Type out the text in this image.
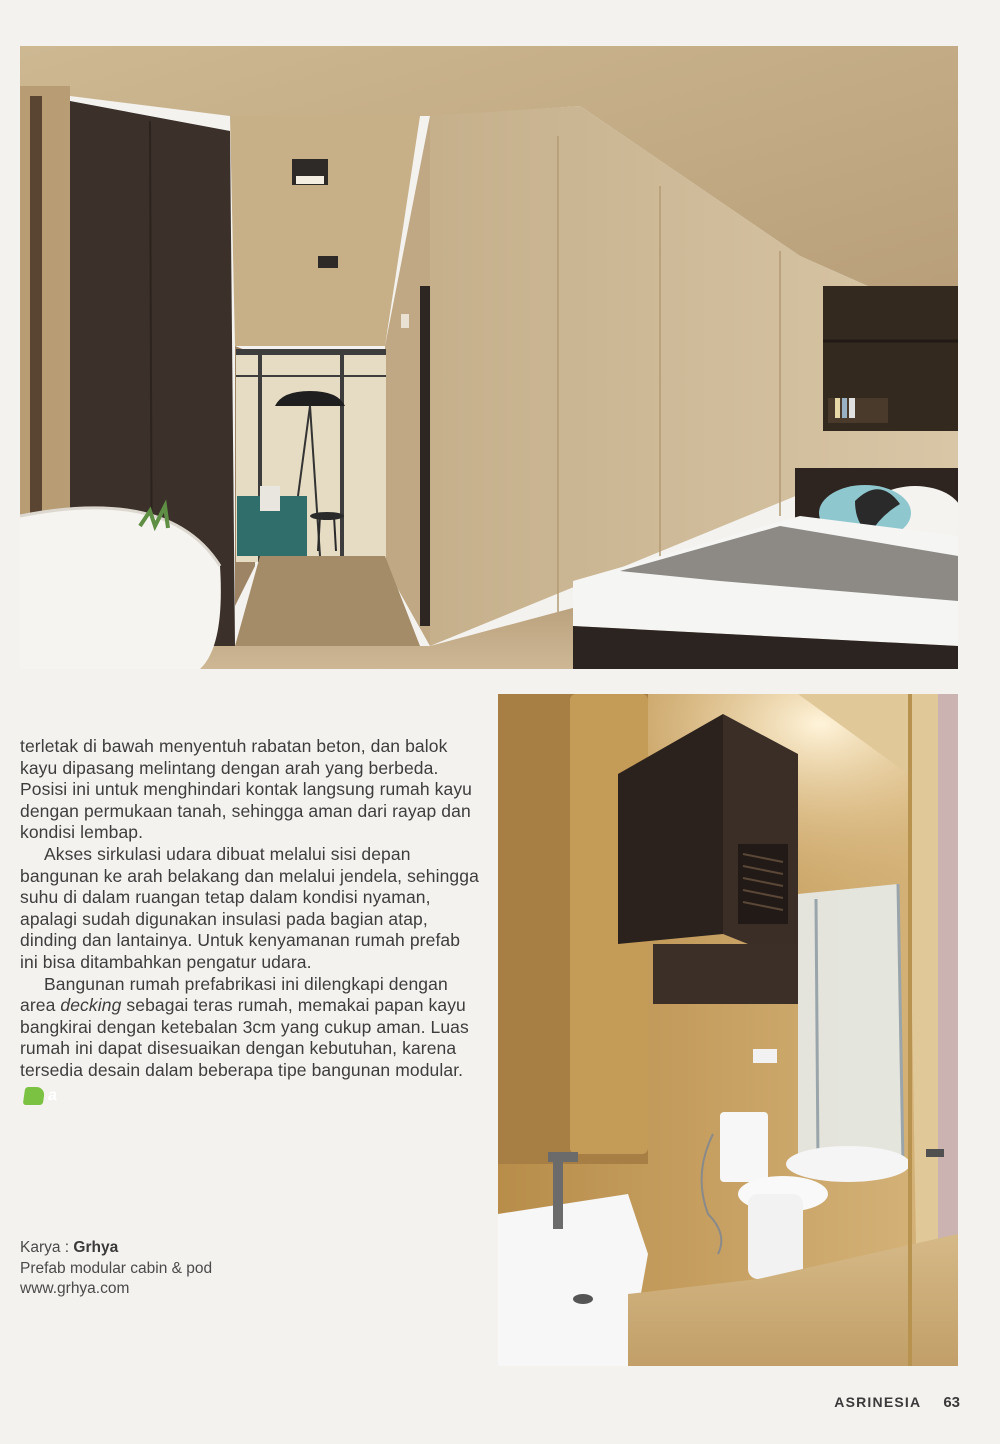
terletak di bawah menyentuh rabatan beton, dan balok kayu dipasang melintang dengan arah yang berbeda. Posisi ini untuk menghindari kontak langsung rumah kayu dengan permukaan tanah, sehingga aman dari rayap dan kondisi lembap.

Akses sirkulasi udara dibuat melalui sisi depan bangunan ke arah belakang dan melalui jendela, sehingga suhu di dalam ruangan tetap dalam kondisi nyaman, apalagi sudah digunakan insulasi pada bagian atap, dinding dan lantainya. Untuk kenyamanan rumah prefab ini bisa ditambahkan pengatur udara.

Bangunan rumah prefabrikasi ini dilengkapi dengan area decking sebagai teras rumah, memakai papan kayu bangkirai dengan ketebalan 3cm yang cukup aman. Luas rumah ini dapat disesuaikan dengan kebutuhan, karena tersedia desain dalam beberapa tipe bangunan modular.a

Karya : Grhya
Prefab modular cabin & pod
www.grhya.com
ASRINESIA 63
